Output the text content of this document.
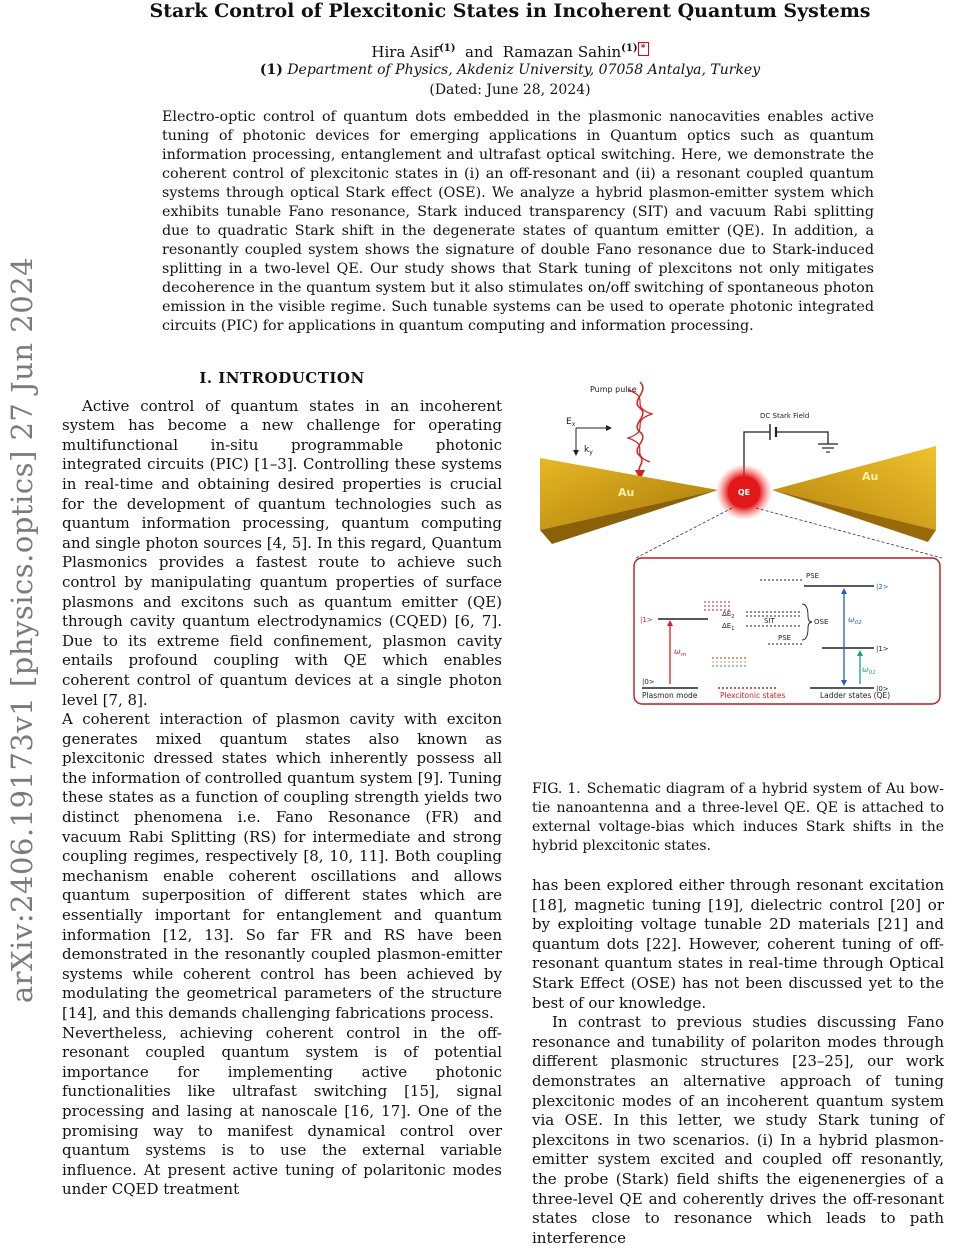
arXiv:2406.19173v1 [physics.optics] 27 Jun 2024
Stark Control of Plexcitonic States in Incoherent Quantum Systems
Hira Asif$^{(1)}$ and Ramazan Sahin$^{(1)}$ *
(1) Department of Physics, Akdeniz University, 07058 Antalya, Turkey
(Dated: June 28, 2024)
Electro-optic control of quantum dots embedded in the plasmonic nanocavities enables active tuning of photonic devices for emerging applications in Quantum optics such as quantum information processing, entanglement and ultrafast optical switching. Here, we demonstrate the coherent control of plexcitonic states in (i) an off-resonant and (ii) a resonant coupled quantum systems through optical Stark effect (OSE). We analyze a hybrid plasmon-emitter system which exhibits tunable Fano resonance, Stark induced transparency (SIT) and vacuum Rabi splitting due to quadratic Stark shift in the degenerate states of quantum emitter (QE). In addition, a resonantly coupled system shows the signature of double Fano resonance due to Stark-induced splitting in a two-level QE. Our study shows that Stark tuning of plexcitons not only mitigates decoherence in the quantum system but it also stimulates on/off switching of spontaneous photon emission in the visible regime. Such tunable systems can be used to operate photonic integrated circuits (PIC) for applications in quantum computing and information processing.
I. INTRODUCTION

Active control of quantum states in an incoherent system has become a new challenge for operating multifunctional in-situ programmable photonic integrated circuits (PIC) [1–3]. Controlling these systems in real-time and obtaining desired properties is crucial for the development of quantum technologies such as quantum information processing, quantum computing and single photon sources [4, 5]. In this regard, Quantum Plasmonics provides a fastest route to achieve such control by manipulating quantum properties of surface plasmons and excitons such as quantum emitter (QE) through cavity quantum electrodynamics (CQED) [6, 7]. Due to its extreme field confinement, plasmon cavity entails profound coupling with QE which enables coherent control of quantum devices at a single photon level [7, 8].

A coherent interaction of plasmon cavity with exciton generates mixed quantum states also known as plexcitonic dressed states which inherently possess all the information of controlled quantum system [9]. Tuning these states as a function of coupling strength yields two distinct phenomena i.e. Fano Resonance (FR) and vacuum Rabi Splitting (RS) for intermediate and strong coupling regimes, respectively [8, 10, 11]. Both coupling mechanism enable coherent oscillations and allows quantum superposition of different states which are essentially important for entanglement and quantum information [12, 13]. So far FR and RS have been demonstrated in the resonantly coupled plasmon-emitter systems while coherent control has been achieved by modulating the geometrical parameters of the structure [14], and this demands challenging fabrications process.

Nevertheless, achieving coherent control in the off-resonant coupled quantum system is of potential importance for implementing active photonic functionalities like ultrafast switching [15], signal processing and lasing at nanoscale [16, 17]. One of the promising way to manifest dynamical control over quantum systems is to use the external variable influence. At present active tuning of polaritonic modes under CQED treatment

Pump pulse
$E_x$
$k_y$
DC Stark Field
Au
Au
QE
|0>
|0>
|1>
$\omega_m$
$\Delta E_2$
$\Delta E_1$
SIT	OSE
PSE
|2>
PSE
|1>
$\omega_{02}$
$\omega_{01}$
Plasmon mode	Plexcitonic states	Ladder states (QE)
FIG. 1. Schematic diagram of a hybrid system of Au bow-tie nanoantenna and a three-level QE. QE is attached to external voltage-bias which induces Stark shifts in the hybrid plexcitonic states.

has been explored either through resonant excitation [18], magnetic tuning [19], dielectric control [20] or by exploiting voltage tunable 2D materials [21] and quantum dots [22]. However, coherent tuning of off-resonant quantum states in real-time through Optical Stark Effect (OSE) has not been discussed yet to the best of our knowledge.

In contrast to previous studies discussing Fano resonance and tunability of polariton modes through different plasmonic structures [23–25], our work demonstrates an alternative approach of tuning plexcitonic modes of an incoherent quantum system via OSE. In this letter, we study Stark tuning of plexcitons in two scenarios. (i) In a hybrid plasmon-emitter system excited and coupled off resonantly, the probe (Stark) field shifts the eigenenergies of a three-level QE and coherently drives the off-resonant states close to resonance which leads to path interference
